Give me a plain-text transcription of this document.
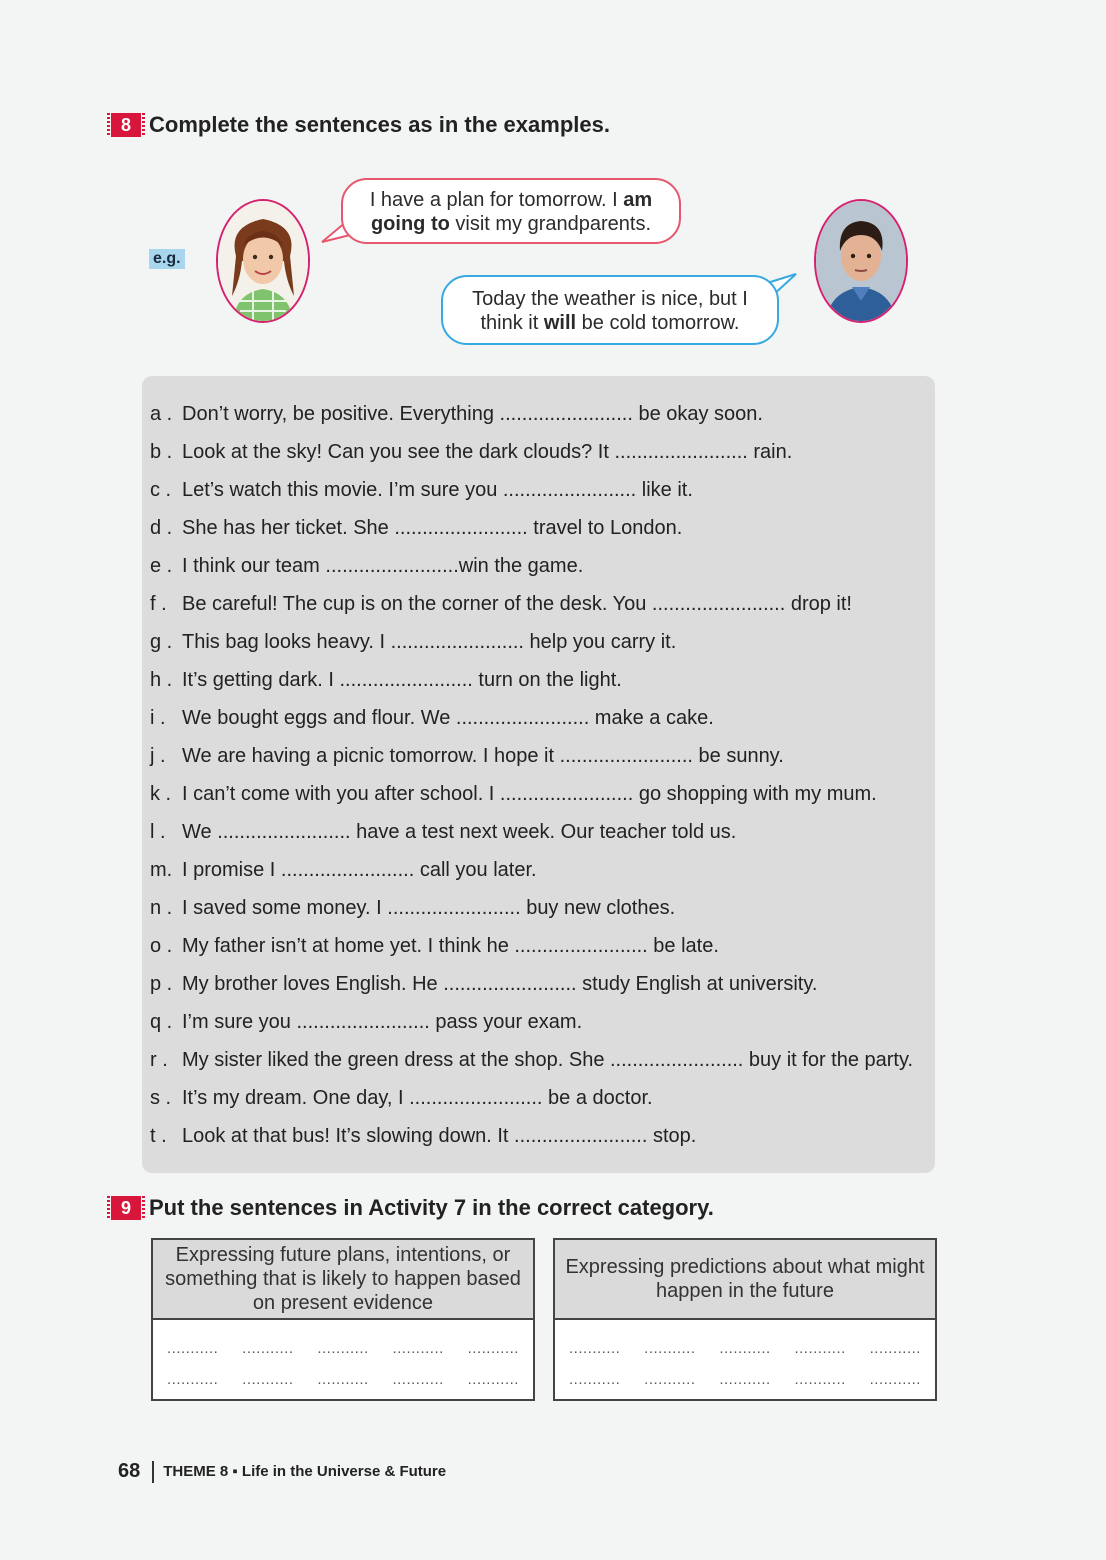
8 Complete the sentences as in the examples.
e.g.
I have a plan for tomorrow. I am
going to visit my grandparents.
Today the weather is nice, but I
think it will be cold tomorrow.
a . Don’t worry, be positive. Everything ........................ be okay soon.
b . Look at the sky! Can you see the dark clouds? It ........................ rain.
c . Let’s watch this movie. I’m sure you ........................ like it.
d . She has her ticket. She ........................ travel to London.
e . I think our team ........................win the game.
f . Be careful! The cup is on the corner of the desk. You ........................ drop it!
g . This bag looks heavy. I ........................ help you carry it.
h . It’s getting dark. I ........................ turn on the light.
i . We bought eggs and flour. We ........................ make a cake.
j . We are having a picnic tomorrow. I hope it ........................ be sunny.
k . I can’t come with you after school. I ........................ go shopping with my mum.
l . We ........................ have a test next week. Our teacher told us.
m. I promise I ........................ call you later.
n . I saved some money. I ........................ buy new clothes.
o . My father isn’t at home yet. I think he ........................ be late.
p . My brother loves English. He ........................ study English at university.
q . I’m sure you ........................ pass your exam.
r . My sister liked the green dress at the shop. She ........................ buy it for the party.
s . It’s my dream. One day, I ........................ be a doctor.
t . Look at that bus! It’s slowing down. It ........................ stop.
9 Put the sentences in Activity 7 in the correct category.
Expressing future plans, intentions, or something that is likely to happen based on present evidence
........... ........... ........... ........... ...........
........... ........... ........... ........... ...........
Expressing predictions about what might happen in the future
........... ........... ........... ........... ...........
........... ........... ........... ........... ...........
68 THEME 8 ▪ Life in the Universe & Future
